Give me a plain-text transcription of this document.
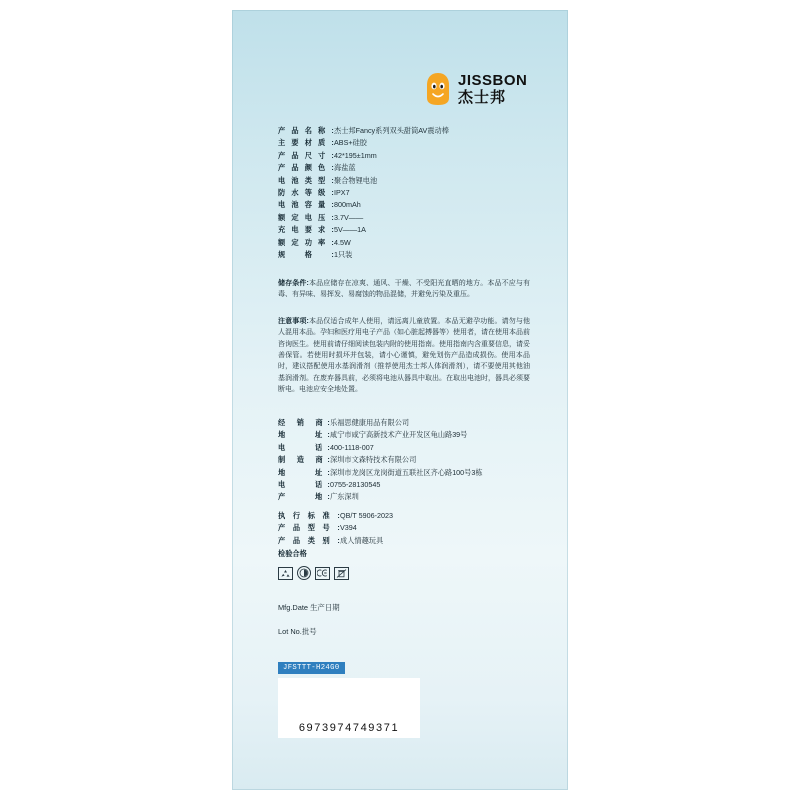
JISSBON
杰士邦
产品名称: 杰士邦Fancy系列双头甜筒AV震动棒
主要材质: ABS+硅胶
产品尺寸: 42*195±1mm
产品颜色: 海盐蓝
电池类型: 聚合物锂电池
防水等级: IPX7
电池容量: 800mAh
额定电压: 3.7V——
充电要求: 5V——1A
额定功率: 4.5W
规格: 1只装
储存条件:本品应储存在凉爽、通风、干燥、不受阳光直晒的地方。本品不应与有毒、有异味、易挥发、易腐蚀的物品混储，并避免污染及重压。
注意事项:本品仅适合成年人使用，请远离儿童放置。本品无避孕功能。请勿与他人混用本品。孕妇和医疗用电子产品（如心脏起搏器等）使用者，请在使用本品前咨询医生。使用前请仔细阅读包装内附的使用指南。使用指南内含重要信息，请妥善保管。若使用时损坏并包装，请小心谨慎，避免划伤产品造成损伤。使用本品时，建议搭配使用水基润滑剂（推荐使用杰士邦人体润滑剂），请不要使用其他油基润滑剂。在废弃器具前，必须将电池从器具中取出。在取出电池时，器具必须要断电。电池应安全地处置。
经 销 商: 乐福思健康用品有限公司
地　　址: 咸宁市咸宁高新技术产业开发区龟山路39号
电　　话: 400-1118-007
制 造 商: 深圳市文森特技术有限公司
地　　址: 深圳市龙岗区龙岗街道五联社区齐心路100号3栋
电　　话: 0755-28130545
产　　地: 广东深圳
执行标准: QB/T 5906-2023
产品型号: V394
产品类别: 成人情趣玩具
检验合格
Mfg.Date 生产日期
Lot No.批号
JFSTTT-H24G0
6973974749371
